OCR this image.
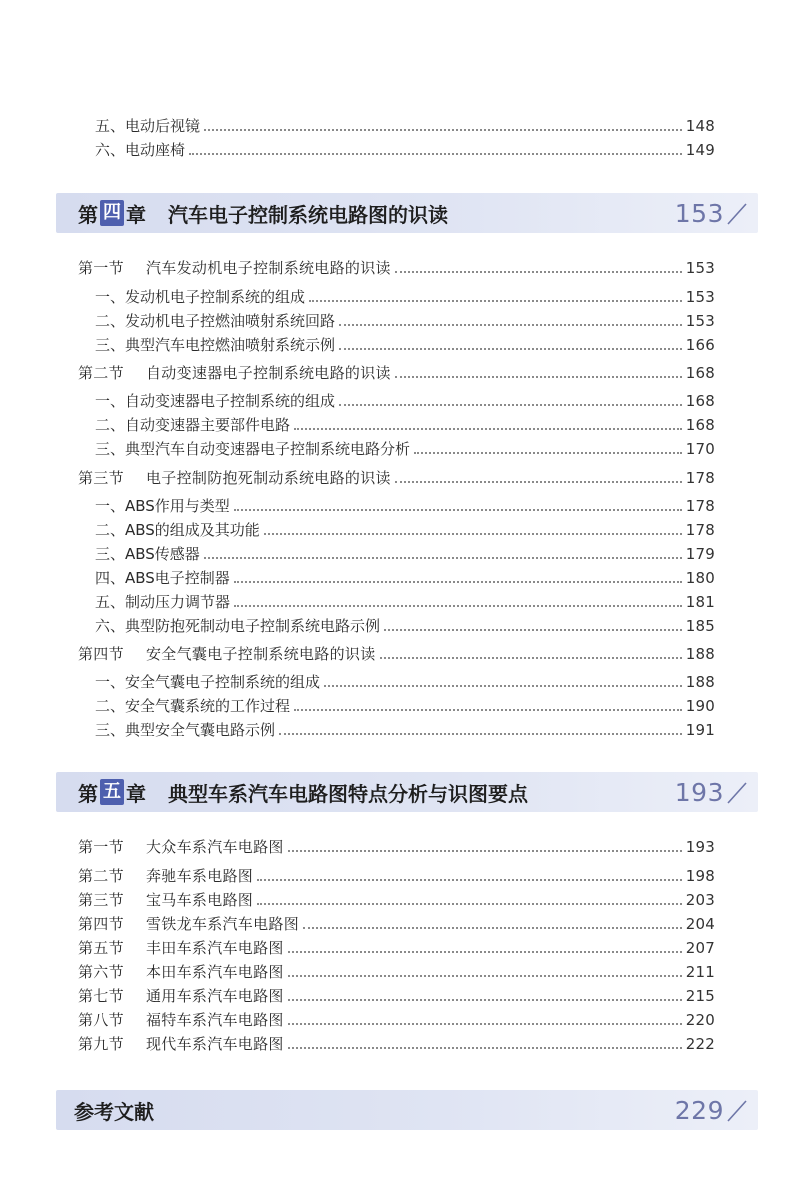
五、电动后视镜	148
六、电动座椅	149
第 四 章 汽车电子控制系统电路图的识读	153
第一节 汽车发动机电子控制系统电路的识读	153
一、发动机电子控制系统的组成	153
二、发动机电子控燃油喷射系统回路	153
三、典型汽车电控燃油喷射系统示例	166
第二节 自动变速器电子控制系统电路的识读	168
一、自动变速器电子控制系统的组成	168
二、自动变速器主要部件电路	168
三、典型汽车自动变速器电子控制系统电路分析	170
第三节 电子控制防抱死制动系统电路的识读	178
一、ABS作用与类型	178
二、ABS的组成及其功能	178
三、ABS传感器	179
四、ABS电子控制器	180
五、制动压力调节器	181
六、典型防抱死制动电子控制系统电路示例	185
第四节 安全气囊电子控制系统电路的识读	188
一、安全气囊电子控制系统的组成	188
二、安全气囊系统的工作过程	190
三、典型安全气囊电路示例	191
第 五 章 典型车系汽车电路图特点分析与识图要点	193
第一节 大众车系汽车电路图	193
第二节 奔驰车系电路图	198
第三节 宝马车系电路图	203
第四节 雪铁龙车系汽车电路图	204
第五节 丰田车系汽车电路图	207
第六节 本田车系汽车电路图	211
第七节 通用车系汽车电路图	215
第八节 福特车系汽车电路图	220
第九节 现代车系汽车电路图	222
参考文献	229
